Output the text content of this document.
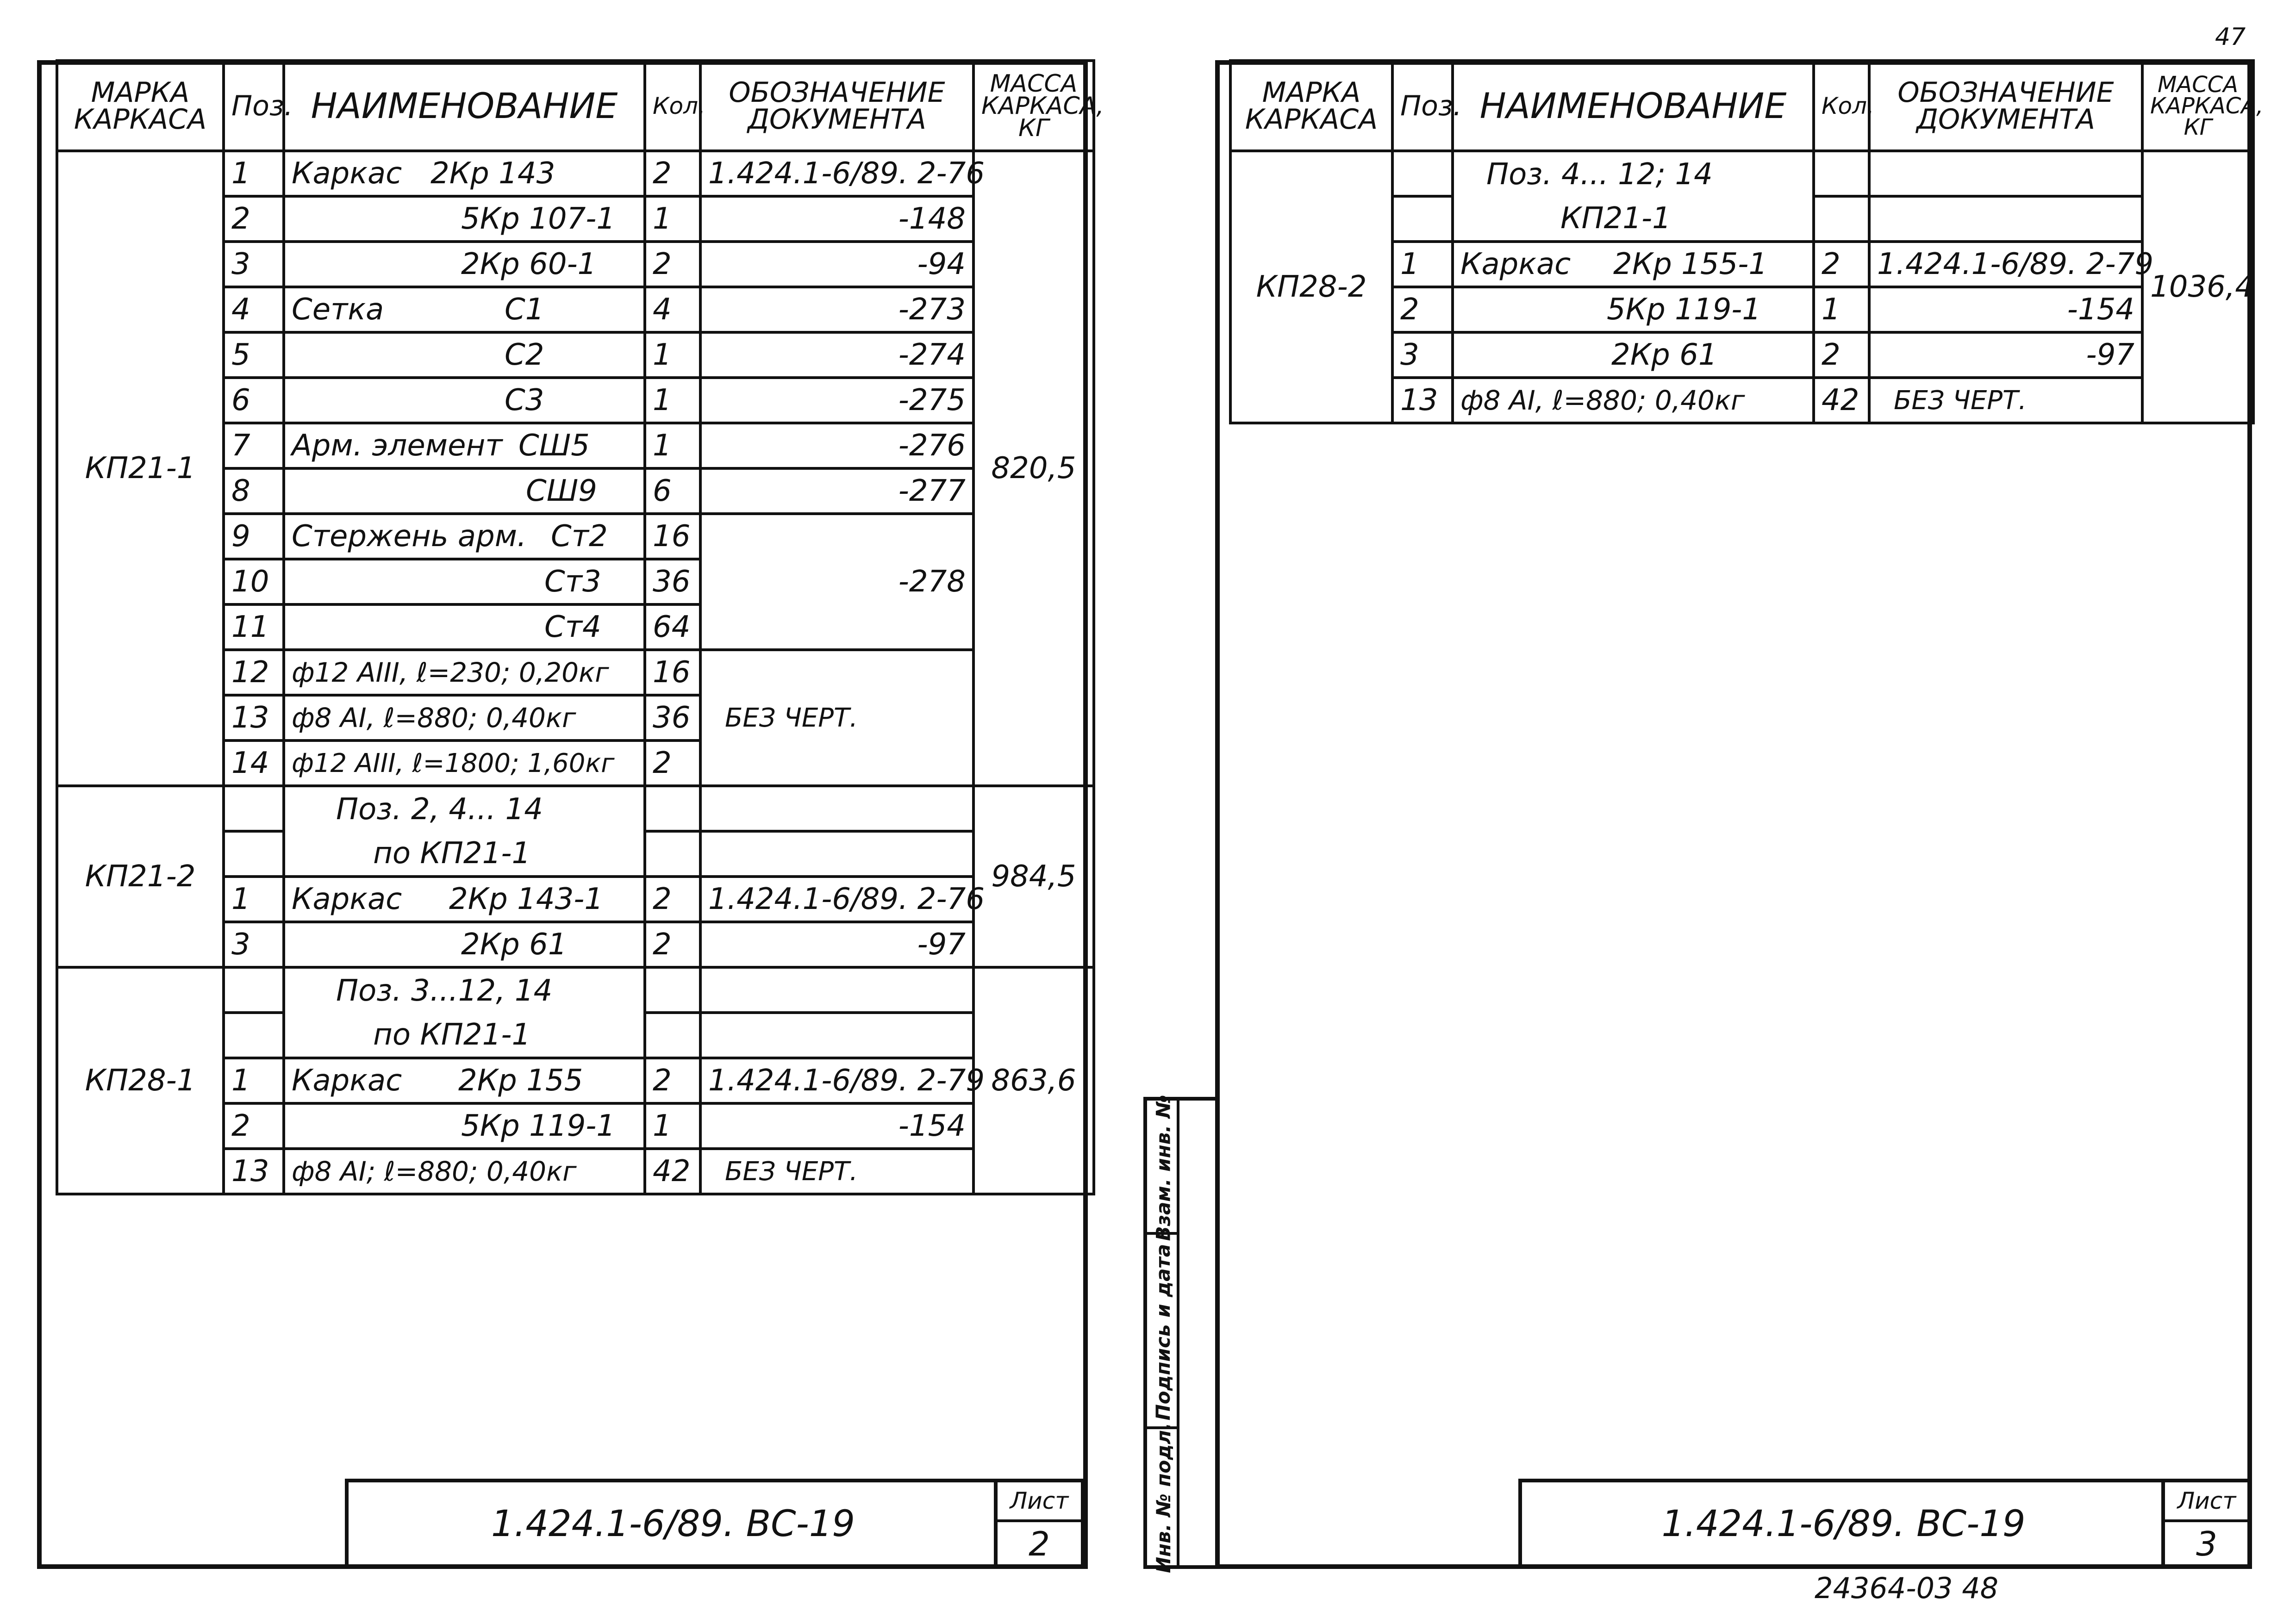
МАРКА КАРКАСА	Поз.	НАИМЕНОВАНИЕ	Кол.	ОБОЗНАЧЕНИЕ ДОКУМЕНТА	МАССА КАРКАСА, КГ
КП21-1	1	Каркас 2Кр 143	2	1.424.1-6/89. 2-76	820,5
	2	5Кр 107-1	1	-148	
	3	2Кр 60-1	2	-94	
	4	Сетка С1	4	-273	
	5	С2	1	-274	
	6	С3	1	-275	
	7	Арм. элемент СШ5	1	-276	
	8	СШ9	6	-277	
	9	Стержень арм. Ст2	16	-278	
	10	Ст3	36		
	11	Ст4	64		
	12	ф12 АIII, ℓ=230; 0,20кг	16	БЕЗ ЧЕРТ.	
	13	ф8 АI, ℓ=880; 0,40кг	36		
	14	ф12 АIII, ℓ=1800; 1,60кг	2		
КП21-2		Поз. 2, 4... 14			984,5
		по КП21-1			
	1	Каркас 2Кр 143-1	2	1.424.1-6/89. 2-76	
	3	2Кр 61	2	-97	
КП28-1		Поз. 3...12, 14			863,6
		по КП21-1			
	1	Каркас 2Кр 155	2	1.424.1-6/89. 2-79	
	2	5Кр 119-1	1	-154	
	13	ф8 АI; ℓ=880; 0,40кг	42	БЕЗ ЧЕРТ.	
1.424.1-6/89. ВС-19
Лист
2
47
Взам. инв. №
Подпись и дата
Инв. № подл.
МАРКА КАРКАСА	Поз.	НАИМЕНОВАНИЕ	Кол.	ОБОЗНАЧЕНИЕ ДОКУМЕНТА	МАССА КАРКАСА, КГ
КП28-2		Поз. 4... 12; 14			1036,4
		КП21-1			
	1	Каркас 2Кр 155-1	2	1.424.1-6/89. 2-79	
	2	5Кр 119-1	1	-154	
	3	2Кр 61	2	-97	
	13	ф8 АI, ℓ=880; 0,40кг	42	БЕЗ ЧЕРТ.	
1.424.1-6/89. ВС-19
Лист
3
24364-03 48
